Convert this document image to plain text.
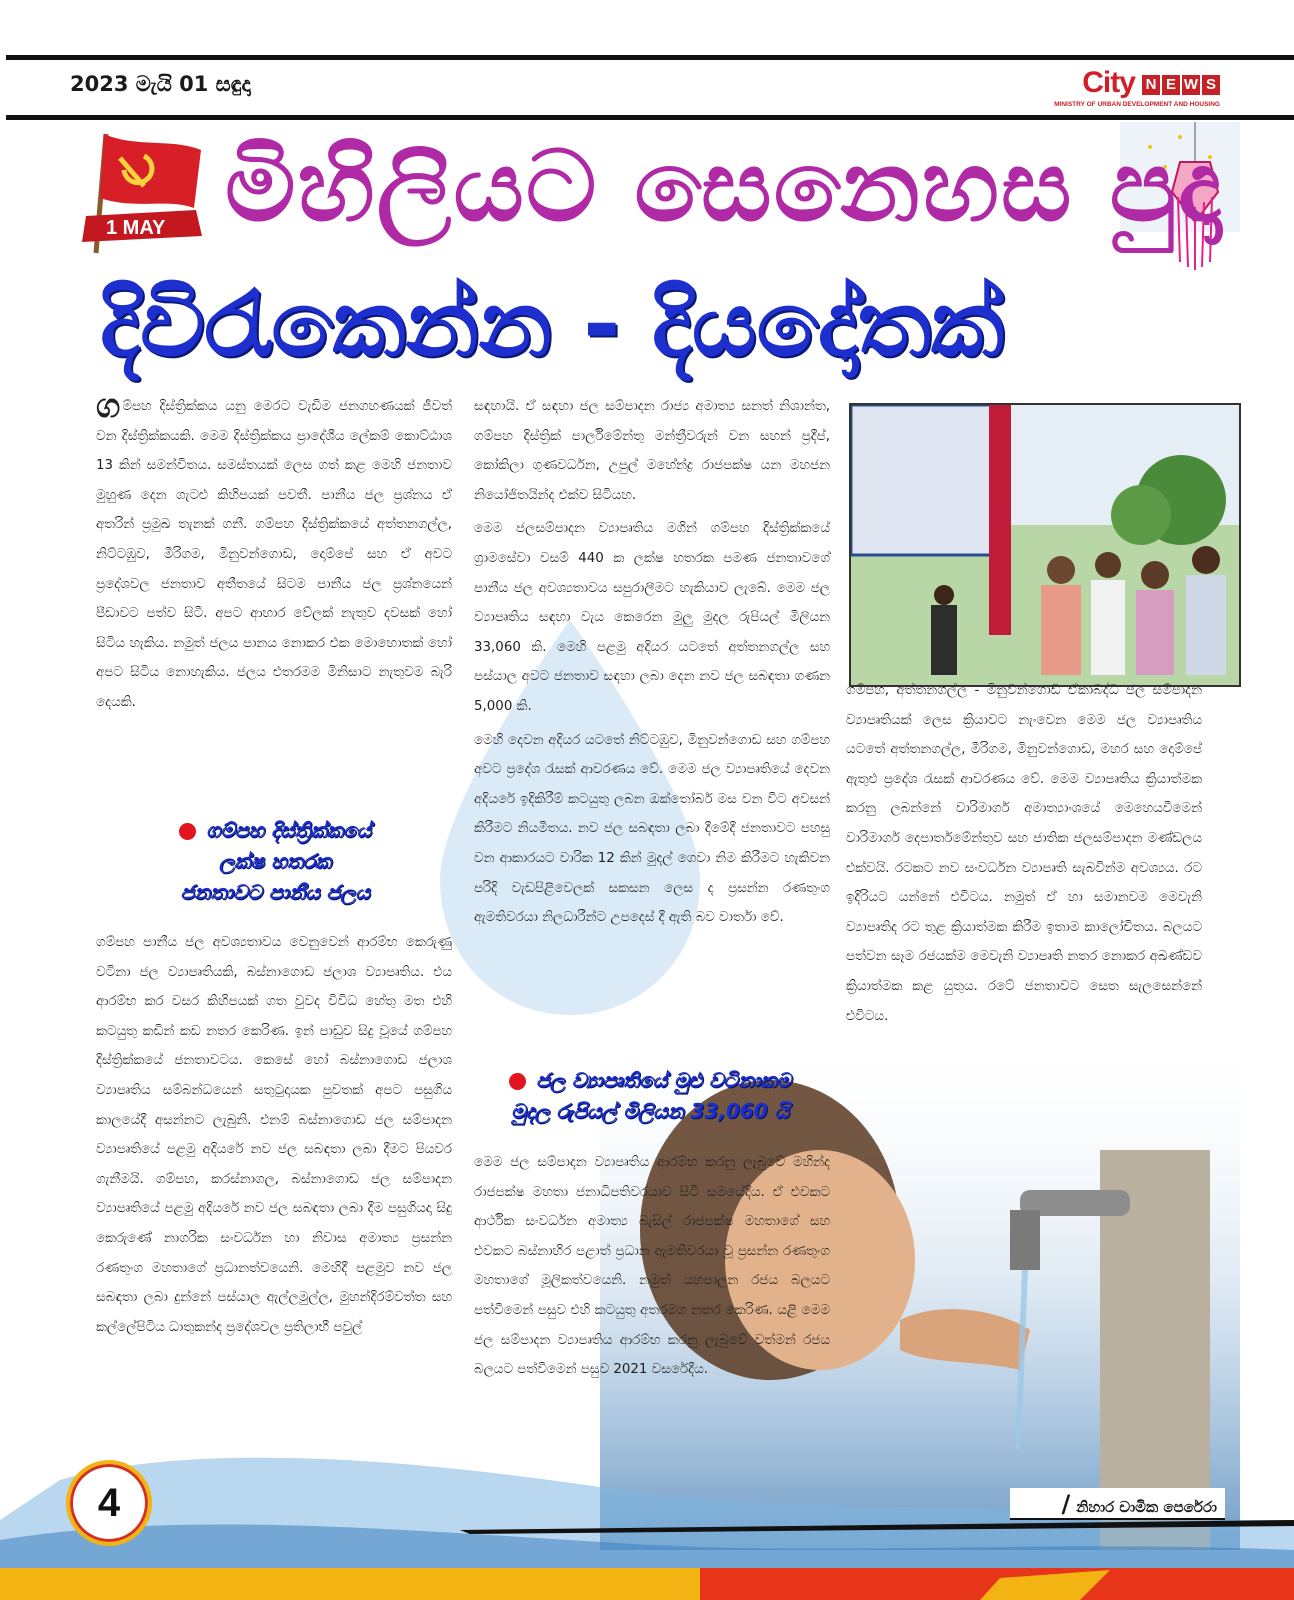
2023 මැයි 01 සඳුදා	City N E W S
MINISTRY OF URBAN DEVELOPMENT AND HOUSING
1 MAY මිහිලියට සෙනෙහස පුදා
දිවිරැකෙන්න - දියදෝතක්

ගම්පහ දිස්ත්‍රික්කය යනු මෙරට වැඩිම ජනගහණයක් ජීවත් වන දිස්ත්‍රික්කයකි. මෙම දිස්ත්‍රික්කය ප්‍රාදේශීය ලේකම් කොට්ඨාශ 13 කින් සමන්විතය. සමස්තයක් ලෙස ගත් කළ මෙහි ජනතාව මුහුණ දෙන ගැටළු කිහිපයක් පවතී. පානීය ජල ප්‍රශ්නය ඒ අතරින් ප්‍රමුඛ තැනක් ගනී. ගම්පහ දිස්ත්‍රික්කයේ අත්තනගල්ල, නිට්ටඹුව, මීරිගම, මිනුවන්ගොඩ, දොම්පේ සහ ඒ අවට ප්‍රදේශවල ජනතාව අතීතයේ සිටම පානීය ජල ප්‍රශ්නයෙන් පීඩාවට පත්ව සිටී. අපට ආහාර වේලක් නැතුව දවසක් හෝ සිටිය හැකිය. නමුත් ජලය පානය නොකර එක මොහොතක් හෝ අපට සිටිය නොහැකිය. ජලය එතරමම මිනිසාට නැතුවම බැරි දෙයකි.

ගම්පහ දිස්ත්‍රික්කයේ
ලක්ෂ හතරක
ජනතාවට පානීය ජලය

ගම්පහ පානීය ජල අවශ්‍යතාවය වෙනුවෙන් ආරම්භ කෙරුණු වටිනා ජල ව්‍යාපෘතියකි, බස්නාගොඩ ජලාශ ව්‍යාපෘතිය. එය ආරම්භ කර වසර කිහිපයක් ගත වුවද විවිධ හේතු මත එහි කටයුතු කඩින් කඩ නතර කෙරිණ. ඉන් පාඩුව සිදු වූයේ ගම්පහ දිස්ත්‍රික්කයේ ජනතාවටය. කෙසේ හෝ බස්නාගොඩ ජලාශ ව්‍යාපෘතිය සම්බන්ධයෙන් සතුටුදායක පුවතක් අපට පසුගිය කාලයේදී අසන්නට ලැබුනි. එනම් බස්නාගොඩ ජල සම්පාදන ව්‍යාපෘතියේ පළමු අදියරේ නව ජල සබඳතා ලබා දීමට පියවර ගැනීමයි. ගම්පහ, කරස්නාගල, බස්නාගොඩ ජල සම්පාදන ව්‍යාපෘතියේ පළමු අදියරේ නව ජල සබඳතා ලබා දීම පසුගියදා සිදු කෙරුණේ නාගරික සංවර්ධන හා නිවාස අමාත්‍ය ප්‍රසන්න රණතුංග මහතාගේ ප්‍රධානත්වයෙනි. මෙහිදී පළමුව නව ජල සබඳතා ලබා දුන්නේ පස්යාල ඇල්ලමුල්ල, මුහන්දිරම්වත්ත සහ කල්ලේපිටිය ධාතුකන්ද ප්‍රදේශවල ප්‍රතිලාභී පවුල්

සඳහායි. ඒ සඳහා ජල සම්පාදන රාජ්‍ය අමාත්‍ය සනත් නිශාන්ත, ගම්පහ දිස්ත්‍රික් පාර්ලිමේන්තු මන්ත්‍රීවරුන් වන සහන් ප්‍රදීප්, කෝකිලා ගුණවර්ධන, උපුල් මහේන්ද්‍ර රාජපක්ෂ යන මහජන නියෝජිතයින්ද එක්ව සිටියහ.

මෙම ජලසම්පාදන ව්‍යාපෘතිය මගින් ගම්පහ දිස්ත්‍රික්කයේ ග්‍රාමසේවා වසම් 440 ක ලක්ෂ හතරක පමණ ජනතාවගේ පානීය ජල අවශ්‍යතාවය සපුරාලීමට හැකියාව ලැබේ. මෙම ජල ව්‍යාපෘතිය සඳහා වැය කෙරෙන මුලු මුදල රුපියල් මිලියන 33,060 කි. මෙහි පළමු අදියර යටතේ අත්තනගල්ල සහ පස්යාල අවට ජනතාව සඳහා ලබා දෙන නව ජල සබඳතා ගණන 5,000 කි.

මෙහි දෙවන අදියර යටතේ නිට්ටඹුව, මිනුවන්ගොඩ සහ ගම්පහ අවට ප්‍රදේශ රැසක් ආවරණය වේ. මෙම ජල ව්‍යාපෘතියේ දෙවන අදියරේ ඉදිකිරීම් කටයුතු ලබන ඔක්තෝබර් මස වන විට අවසන් කිරීමට නියමිතය. නව ජල සබඳතා ලබා දීමේදී ජනතාවට පහසු වන ආකාරයට වාරික 12 කින් මුදල් ගෙවා නිම කිරීමට හැකිවන පරිදි වැඩපිළිවෙලක් සකසන ලෙස ද ප්‍රසන්න රණතුංග ඇමතිවරයා නිලධාරීන්ට උපදෙස් දී ඇති බව වාර්තා වේ.

ජල ව්‍යාපෘතියේ මුළු වටිනාකම
මුදල රුපියල් මිලියන 33,060 යි

මෙම ජල සම්පාදන ව්‍යාපෘතිය ආරම්භ කරනු ලැබුවේ මහින්ද රාජපක්ෂ මහතා ජනාධිපතිවරයාව සිටි සමයේදීය. ඒ එවකට ආර්ථික සංවර්ධන අමාත්‍ය බැසිල් රාජපක්ෂ මහතාගේ සහ එවකට බස්නාහිර පළාත් ප්‍රධාන ඇමතිවරයා වූ ප්‍රසන්න රණතුංග මහතාගේ මූලිකත්වයෙනි. නමුත් යහපාලන රජය බලයට පත්වීමෙන් පසුව එහි කටයුතු අතරමග නතර කෙරිණ. යළි මෙම ජල සම්පාදන ව්‍යාපෘතිය ආරම්භ කරනු ලැබුවේ වත්මන් රජය බලයට පත්වීමෙන් පසුව 2021 වසරේදීය.

ගම්පහ, අත්තනගල්ල - මිනුවන්ගොඩ ඒකාබද්ධ ජල සම්පාදන ව්‍යාපෘතියක් ලෙස ක්‍රියාවට නැංවෙන මෙම ජල ව්‍යාපෘතිය යටතේ අත්තනගල්ල, මීරිගම, මිනුවන්ගොඩ, මහර සහ දොම්පේ ඇතුළු ප්‍රදේශ රැසක් ආවරණය වේ. මෙම ව්‍යාපෘතිය ක්‍රියාත්මක කරනු ලබන්නේ වාරිමාර්ග අමාත්‍යාංශයේ මෙහෙයවීමෙන් වාරිමාර්ග දෙපාර්තමේන්තුව සහ ජාතික ජලසම්පාදන මණ්ඩලය එක්වයි. රටකට නව සංවර්ධන ව්‍යාපෘති සැබවින්ම අවශ්‍යය. රට ඉදිරියට යන්නේ එවිටය. නමුත් ඒ හා සමානවම මෙවැනි ව්‍යාපෘතිද රට තුළ ක්‍රියාත්මක කිරීම ඉතාම කාලෝචිතය. බලයට පත්වන සෑම රජයක්ම මෙවැනි ව්‍යාපෘති නතර නොකර අඛණ්ඩව ක්‍රියාත්මක කළ යුතුය. රටේ ජනතාවට සෙත සැලසෙන්නේ එවිටය.

/ නිහාර චාමික පෙරේරා
4
